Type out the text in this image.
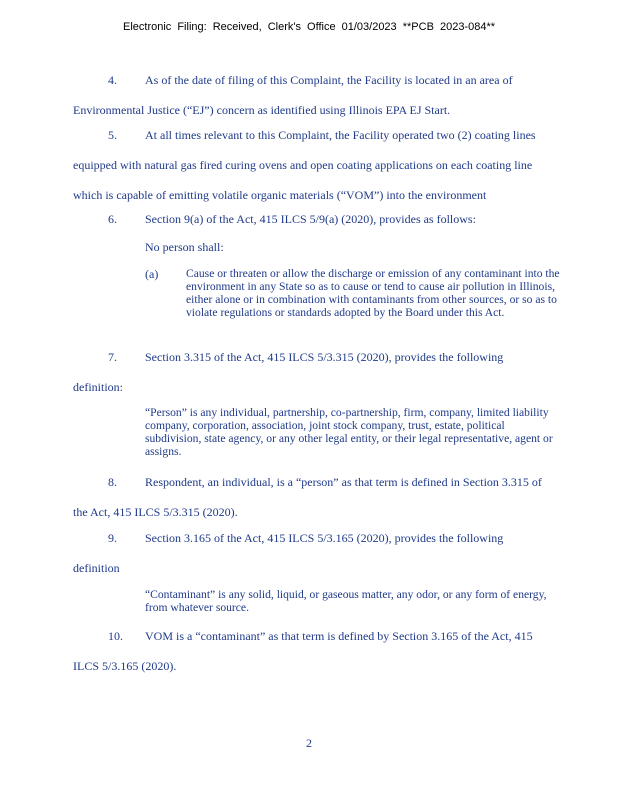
Electronic Filing: Received, Clerk's Office 01/03/2023 **PCB 2023-084**
4. As of the date of filing of this Complaint, the Facility is located in an area of
Environmental Justice (“EJ”) concern as identified using Illinois EPA EJ Start.
5. At all times relevant to this Complaint, the Facility operated two (2) coating lines
equipped with natural gas fired curing ovens and open coating applications on each coating line
which is capable of emitting volatile organic materials (“VOM”) into the environment
6. Section 9(a) of the Act, 415 ILCS 5/9(a) (2020), provides as follows:
No person shall:
(a) Cause or threaten or allow the discharge or emission of any contaminant into the environment in any State so as to cause or tend to cause air pollution in Illinois, either alone or in combination with contaminants from other sources, or so as to violate regulations or standards adopted by the Board under this Act.
7. Section 3.315 of the Act, 415 ILCS 5/3.315 (2020), provides the following
definition:
“Person” is any individual, partnership, co-partnership, firm, company, limited liability company, corporation, association, joint stock company, trust, estate, political subdivision, state agency, or any other legal entity, or their legal representative, agent or assigns.
8. Respondent, an individual, is a “person” as that term is defined in Section 3.315 of
the Act, 415 ILCS 5/3.315 (2020).
9. Section 3.165 of the Act, 415 ILCS 5/3.165 (2020), provides the following
definition
“Contaminant” is any solid, liquid, or gaseous matter, any odor, or any form of energy, from whatever source.
10. VOM is a “contaminant” as that term is defined by Section 3.165 of the Act, 415
ILCS 5/3.165 (2020).
2
